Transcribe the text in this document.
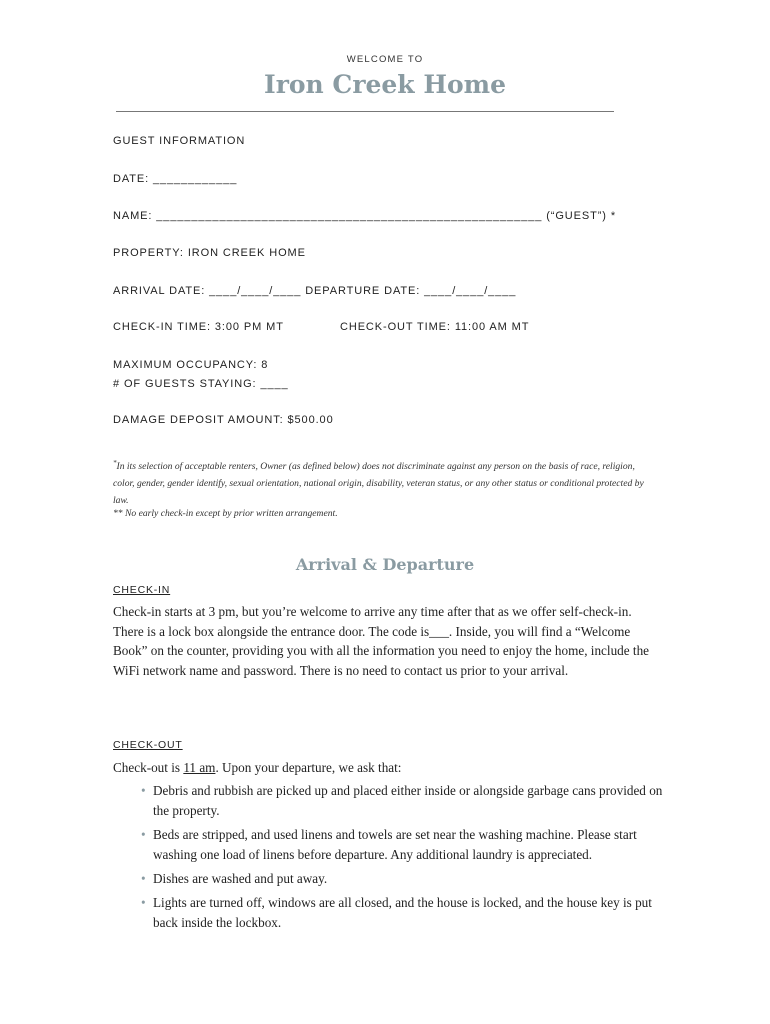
WELCOME TO
Iron Creek Home
GUEST INFORMATION
DATE: ____________
NAME: _______________________________________________________ (“GUEST”) *
PROPERTY: IRON CREEK HOME
ARRIVAL DATE: ____/____/____ DEPARTURE DATE: ____/____/____
CHECK-IN TIME: 3:00 PM MT	CHECK-OUT TIME: 11:00 AM MT
MAXIMUM OCCUPANCY: 8
# OF GUESTS STAYING: ____
DAMAGE DEPOSIT AMOUNT: $500.00
*In its selection of acceptable renters, Owner (as defined below) does not discriminate against any person on the basis of race, religion, color, gender, gender identify, sexual orientation, national origin, disability, veteran status, or any other status or conditional protected by law.
** No early check-in except by prior written arrangement.
Arrival & Departure
CHECK-IN
Check-in starts at 3 pm, but you’re welcome to arrive any time after that as we offer self-check-in. There is a lock box alongside the entrance door. The code is___. Inside, you will find a “Welcome Book” on the counter, providing you with all the information you need to enjoy the home, include the WiFi network name and password. There is no need to contact us prior to your arrival.
CHECK-OUT
Check-out is 11 am. Upon your departure, we ask that:
• Debris and rubbish are picked up and placed either inside or alongside garbage cans provided on the property.
• Beds are stripped, and used linens and towels are set near the washing machine. Please start washing one load of linens before departure. Any additional laundry is appreciated.
• Dishes are washed and put away.
• Lights are turned off, windows are all closed, and the house is locked, and the house key is put back inside the lockbox.
